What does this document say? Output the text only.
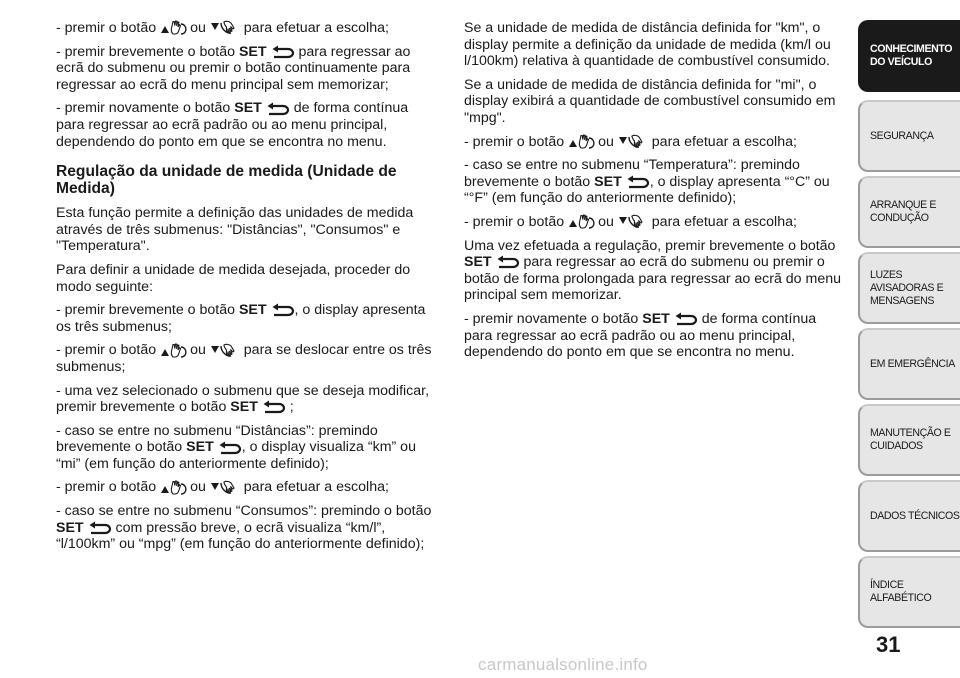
- premir o botão ou	para efetuar a escolha;

- premir brevemente o botão SET para regressar ao ecrã do submenu ou premir o botão continuamente para regressar ao ecrã do menu principal sem memorizar;

- premir novamente o botão SET de forma contínua para regressar ao ecrã padrão ou ao menu principal, dependendo do ponto em que se encontra no menu.

Regulação da unidade de medida (Unidade de Medida)

Esta função permite a definição das unidades de medida através de três submenus: "Distâncias", "Consumos" e "Temperatura".

Para definir a unidade de medida desejada, proceder do modo seguinte:

- premir brevemente o botão SET , o display apresenta os três submenus;

- premir o botão ou	para se deslocar entre os três submenus;

- uma vez selecionado o submenu que se deseja modificar, premir brevemente o botão SET ;

- caso se entre no submenu “Distâncias”: premindo brevemente o botão SET , o display visualiza “km” ou “mi” (em função do anteriormente definido);

- premir o botão ou	para efetuar a escolha;

- caso se entre no submenu “Consumos”: premindo o botão SET com pressão breve, o ecrã visualiza “km/l”, “l/100km” ou “mpg” (em função do anteriormente definido);

Se a unidade de medida de distância definida for "km", o display permite a definição da unidade de medida (km/l ou l/100km) relativa à quantidade de combustível consumido.

Se a unidade de medida de distância definida for "mi", o display exibirá a quantidade de combustível consumido em "mpg".

- premir o botão ou	para efetuar a escolha;

- caso se entre no submenu “Temperatura”: premindo brevemente o botão SET , o display apresenta “°C” ou “°F” (em função do anteriormente definido);

- premir o botão ou	para efetuar a escolha;

Uma vez efetuada a regulação, premir brevemente o botão SET para regressar ao ecrã do submenu ou premir o botão de forma prolongada para regressar ao ecrã do menu principal sem memorizar.

- premir novamente o botão SET de forma contínua para regressar ao ecrã padrão ou ao menu principal, dependendo do ponto em que se encontra no menu.

CONHECIMENTO DO VEÍCULO
SEGURANÇA
ARRANQUE E CONDUÇÃO
LUZES AVISADORAS E MENSAGENS
EM EMERGÊNCIA
MANUTENÇÃO E CUIDADOS
DADOS TÉCNICOS
ÍNDICE ALFABÉTICO
31
carmanualsonline.info
